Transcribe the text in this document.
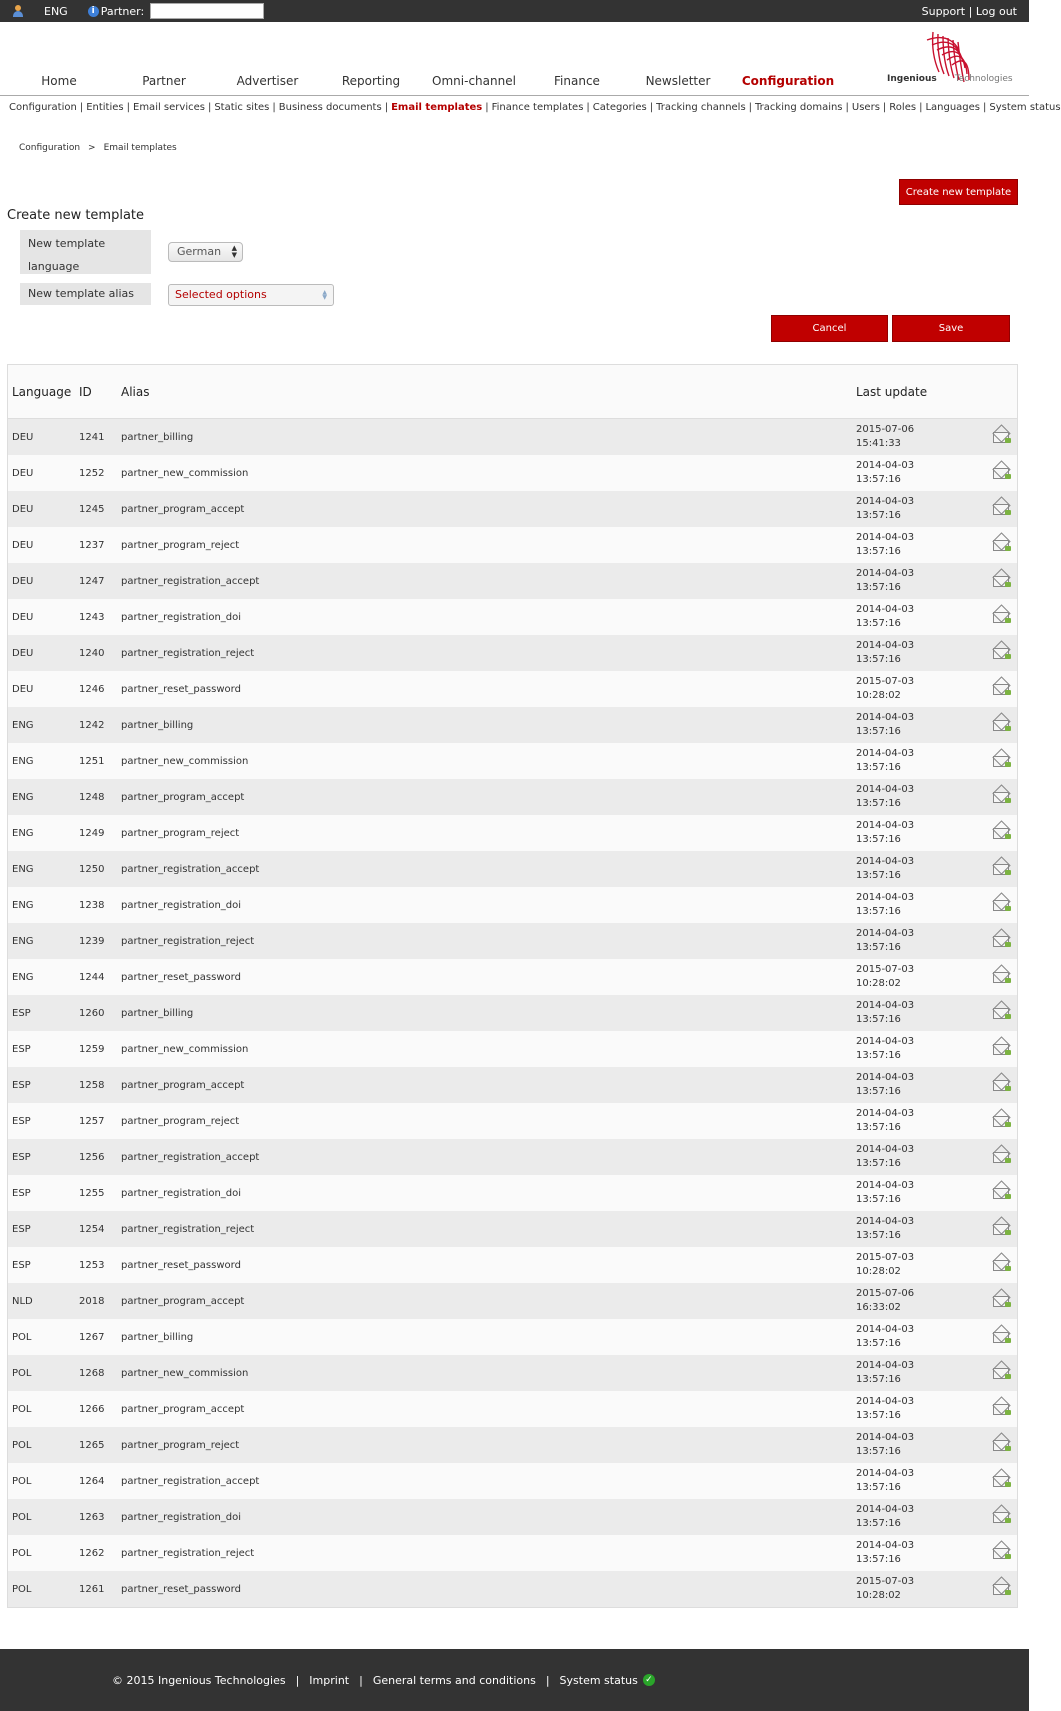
ENG	i Partner:	Support | Log out
Home	Partner	Advertiser	Reporting	Omni-channel	Finance	Newsletter	Configuration	Ingenious Technologies
Configuration | Entities | Email services | Static sites | Business documents | Email templates | Finance templates | Categories | Tracking channels | Tracking domains | Users | Roles | Languages | System status
Configuration > Email templates
Create new template
Create new template
New template language
German ▲
▼
New template alias	Selected options	▲
▼
Cancel	Save
Language ID	Alias	Last update
DEU	1241	partner_billing
2015-07-06
15:41:33
DEU	1252	partner_new_commission
2014-04-03
13:57:16
DEU	1245	partner_program_accept
2014-04-03
13:57:16
DEU	1237	partner_program_reject
2014-04-03
13:57:16
DEU	1247	partner_registration_accept
2014-04-03
13:57:16
DEU	1243	partner_registration_doi
2014-04-03
13:57:16
DEU	1240	partner_registration_reject
2014-04-03
13:57:16
DEU	1246	partner_reset_password
2015-07-03
10:28:02
ENG	1242	partner_billing
2014-04-03
13:57:16
ENG	1251	partner_new_commission
2014-04-03
13:57:16
ENG	1248	partner_program_accept
2014-04-03
13:57:16
ENG	1249	partner_program_reject
2014-04-03
13:57:16
ENG	1250	partner_registration_accept
2014-04-03
13:57:16
ENG	1238	partner_registration_doi
2014-04-03
13:57:16
ENG	1239	partner_registration_reject
2014-04-03
13:57:16
ENG	1244	partner_reset_password
2015-07-03
10:28:02
ESP	1260	partner_billing
2014-04-03
13:57:16
ESP	1259	partner_new_commission
2014-04-03
13:57:16
ESP	1258	partner_program_accept
2014-04-03
13:57:16
ESP	1257	partner_program_reject
2014-04-03
13:57:16
ESP	1256	partner_registration_accept
2014-04-03
13:57:16
ESP	1255	partner_registration_doi
2014-04-03
13:57:16
ESP	1254	partner_registration_reject
2014-04-03
13:57:16
ESP	1253	partner_reset_password
2015-07-03
10:28:02
NLD	2018	partner_program_accept
2015-07-06
16:33:02
POL	1267	partner_billing
2014-04-03
13:57:16
POL	1268	partner_new_commission
2014-04-03
13:57:16
POL	1266	partner_program_accept
2014-04-03
13:57:16
POL	1265	partner_program_reject
2014-04-03
13:57:16
POL	1264	partner_registration_accept
2014-04-03
13:57:16
POL	1263	partner_registration_doi
2014-04-03
13:57:16
POL	1262	partner_registration_reject
2014-04-03
13:57:16
POL	1261	partner_reset_password
2015-07-03
10:28:02
© 2015 Ingenious Technologies | Imprint | General terms and conditions | System status ✓
